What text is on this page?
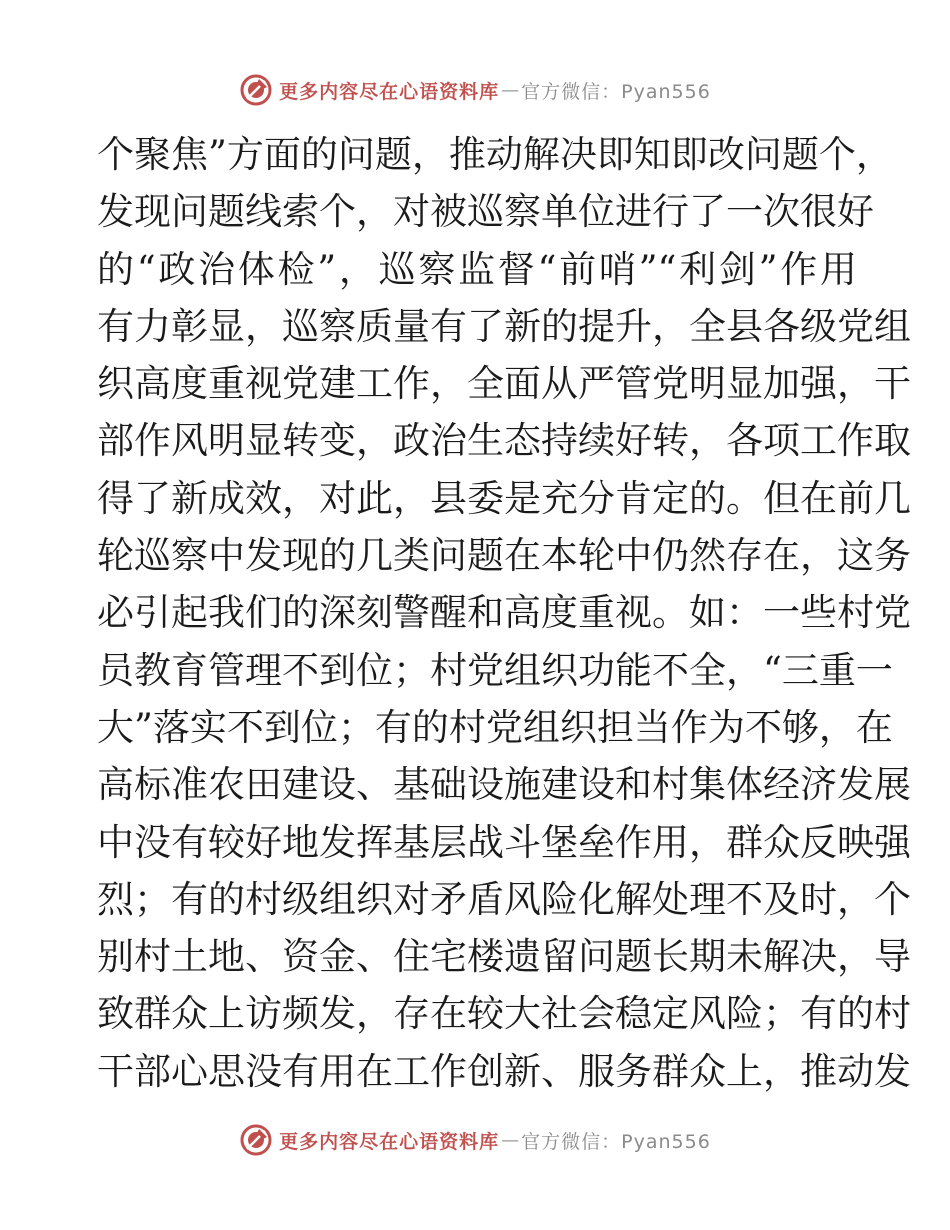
更多内容尽在心语资料库 — 官方微信：Pyan556
个聚焦”方面的问题，推动解决即知即改问题个，
发现问题线索个，对被巡察单位进行了一次很好
的“政治体检”，巡察监督“前哨”“利剑”作用
有力彰显，巡察质量有了新的提升，全县各级党组
织高度重视党建工作，全面从严管党明显加强，干
部作风明显转变，政治生态持续好转，各项工作取
得了新成效，对此，县委是充分肯定的。但在前几
轮巡察中发现的几类问题在本轮中仍然存在，这务
必引起我们的深刻警醒和高度重视。如：一些村党
员教育管理不到位；村党组织功能不全，“三重一
大”落实不到位；有的村党组织担当作为不够，在
高标准农田建设、基础设施建设和村集体经济发展
中没有较好地发挥基层战斗堡垒作用，群众反映强
烈；有的村级组织对矛盾风险化解处理不及时，个
别村土地、资金、住宅楼遗留问题长期未解决，导
致群众上访频发，存在较大社会稳定风险；有的村
干部心思没有用在工作创新、服务群众上，推动发
更多内容尽在心语资料库 — 官方微信：Pyan556
